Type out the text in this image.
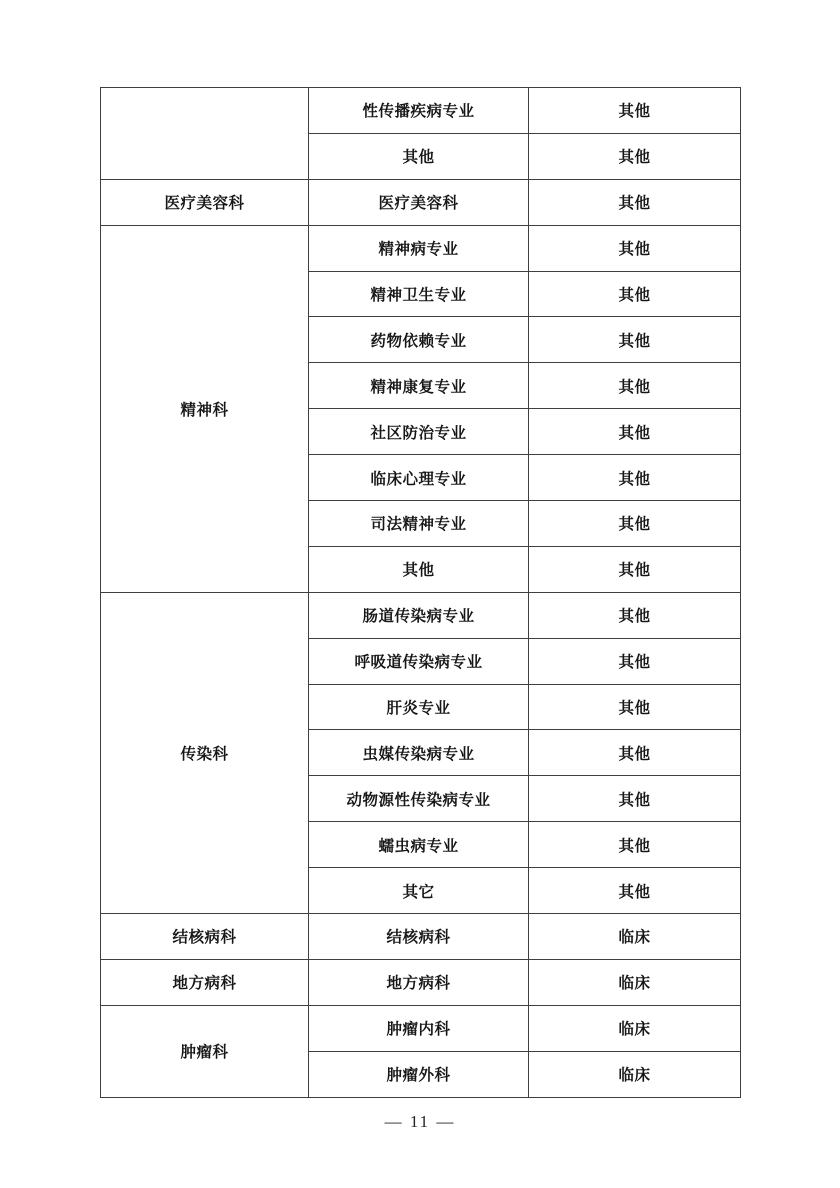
	性传播疾病专业	其他
	其他	其他
医疗美容科	医疗美容科	其他
精神科	精神病专业	其他
	精神卫生专业	其他
	药物依赖专业	其他
	精神康复专业	其他
	社区防治专业	其他
	临床心理专业	其他
	司法精神专业	其他
	其他	其他
传染科	肠道传染病专业	其他
	呼吸道传染病专业	其他
	肝炎专业	其他
	虫媒传染病专业	其他
	动物源性传染病专业	其他
	蠕虫病专业	其他
	其它	其他
结核病科	结核病科	临床
地方病科	地方病科	临床
肿瘤科	肿瘤内科	临床
	肿瘤外科	临床
— 11 —
